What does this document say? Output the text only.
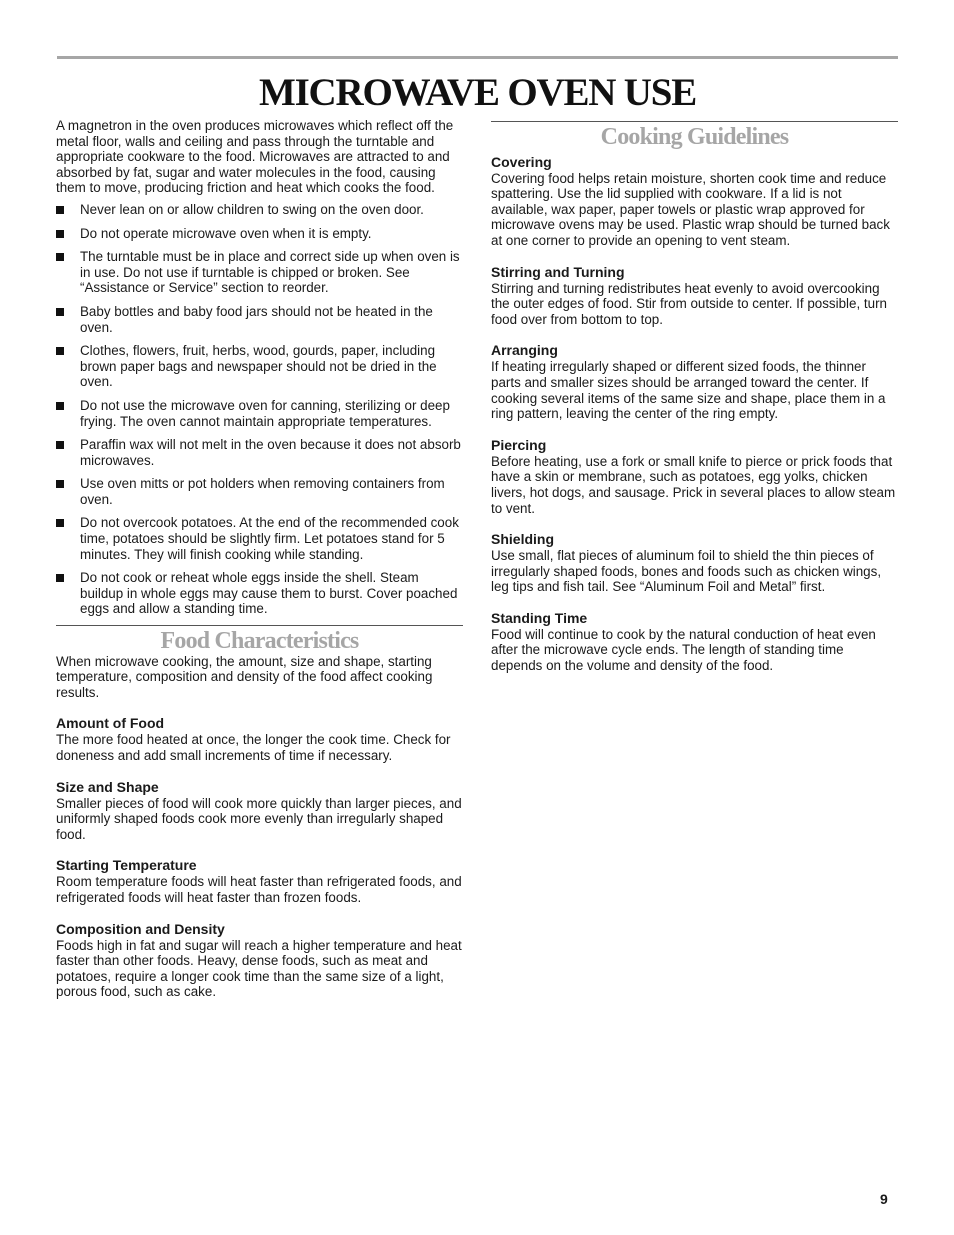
MICROWAVE OVEN USE

A magnetron in the oven produces microwaves which reflect off the metal floor, walls and ceiling and pass through the turntable and appropriate cookware to the food. Microwaves are attracted to and absorbed by fat, sugar and water molecules in the food, causing them to move, producing friction and heat which cooks the food.

Never lean on or allow children to swing on the oven door.
Do not operate microwave oven when it is empty.
The turntable must be in place and correct side up when oven is in use. Do not use if turntable is chipped or broken. See “Assistance or Service” section to reorder.
Baby bottles and baby food jars should not be heated in the oven.
Clothes, flowers, fruit, herbs, wood, gourds, paper, including brown paper bags and newspaper should not be dried in the oven.
Do not use the microwave oven for canning, sterilizing or deep frying. The oven cannot maintain appropriate temperatures.
Paraffin wax will not melt in the oven because it does not absorb microwaves.
Use oven mitts or pot holders when removing containers from oven.
Do not overcook potatoes. At the end of the recommended cook time, potatoes should be slightly firm. Let potatoes stand for 5 minutes. They will finish cooking while standing.
Do not cook or reheat whole eggs inside the shell. Steam buildup in whole eggs may cause them to burst. Cover poached eggs and allow a standing time.
Food Characteristics

When microwave cooking, the amount, size and shape, starting temperature, composition and density of the food affect cooking results.

Amount of Food

The more food heated at once, the longer the cook time. Check for doneness and add small increments of time if necessary.

Size and Shape

Smaller pieces of food will cook more quickly than larger pieces, and uniformly shaped foods cook more evenly than irregularly shaped food.

Starting Temperature

Room temperature foods will heat faster than refrigerated foods, and refrigerated foods will heat faster than frozen foods.

Composition and Density

Foods high in fat and sugar will reach a higher temperature and heat faster than other foods. Heavy, dense foods, such as meat and potatoes, require a longer cook time than the same size of a light, porous food, such as cake.

Cooking Guidelines
Covering

Covering food helps retain moisture, shorten cook time and reduce spattering. Use the lid supplied with cookware. If a lid is not available, wax paper, paper towels or plastic wrap approved for microwave ovens may be used. Plastic wrap should be turned back at one corner to provide an opening to vent steam.

Stirring and Turning

Stirring and turning redistributes heat evenly to avoid overcooking the outer edges of food. Stir from outside to center. If possible, turn food over from bottom to top.

Arranging

If heating irregularly shaped or different sized foods, the thinner parts and smaller sizes should be arranged toward the center. If cooking several items of the same size and shape, place them in a ring pattern, leaving the center of the ring empty.

Piercing

Before heating, use a fork or small knife to pierce or prick foods that have a skin or membrane, such as potatoes, egg yolks, chicken livers, hot dogs, and sausage. Prick in several places to allow steam to vent.

Shielding

Use small, flat pieces of aluminum foil to shield the thin pieces of irregularly shaped foods, bones and foods such as chicken wings, leg tips and fish tail. See “Aluminum Foil and Metal” first.

Standing Time

Food will continue to cook by the natural conduction of heat even after the microwave cycle ends. The length of standing time depends on the volume and density of the food.

9
